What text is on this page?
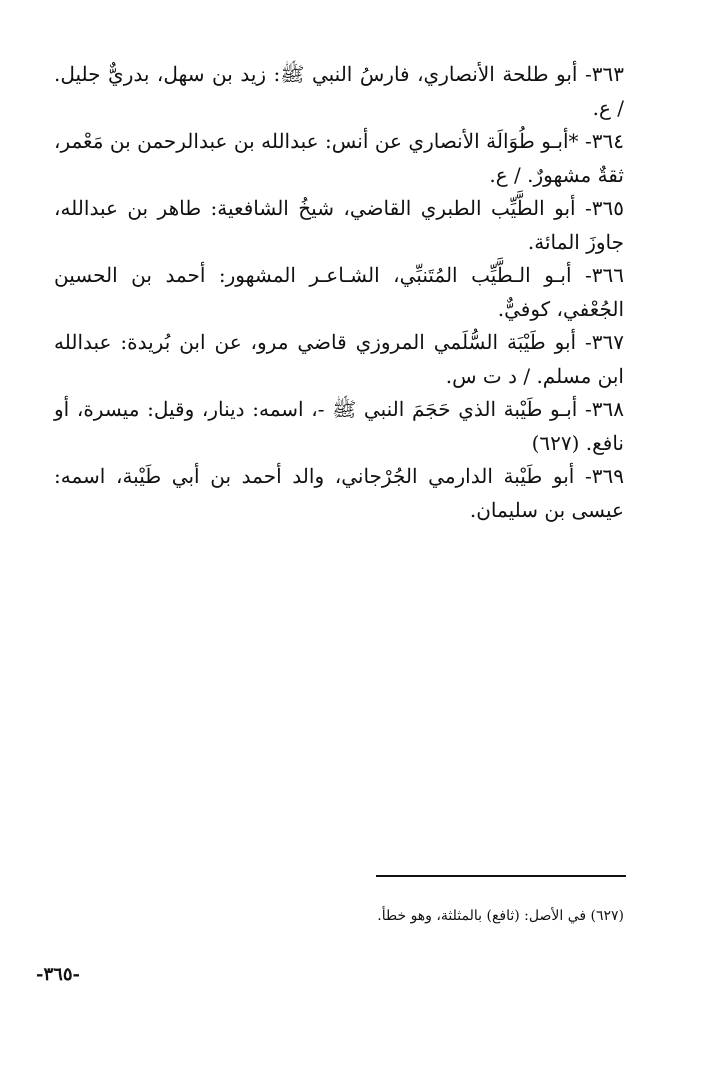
٣٦٣- أبو طلحة الأنصاري، فارسُ النبي ﷺ: زيد بن سهل، بدريٌّ جليل. / ع.

٣٦٤- *أبـو طُوَالَة الأنصاري عن أنس: عبدالله بن عبدالرحمن بن مَعْمر، ثقةٌ مشهورٌ. / ع.

٣٦٥- أبو الطَّيِّب الطبري القاضي، شيخُ الشافعية: طاهر بن عبدالله، جاوزَ المائة.

٣٦٦- أبـو الـطَّيِّب المُتَنبِّي، الشـاعـر المشهور: أحمد بن الحسين الجُعْفي، كوفيٌّ.

٣٦٧- أبو طَيْبَة السُّلَمي المروزي قاضي مرو، عن ابن بُريدة: عبدالله ابن مسلم. / د ت س.

٣٦٨- أبـو طَيْبة الذي حَجَمَ النبي ﷺ -، اسمه: دينار، وقيل: ميسرة، أو نافع. (٦٢٧)

٣٦٩- أبو طَيْبة الدارمي الجُرْجاني، والد أحمد بن أبي طَيْبة، اسمه: عيسى بن سليمان.

(٦٢٧) في الأصل: (ثافع) بالمثلثة، وهو خطأ.
-٣٦٥-
